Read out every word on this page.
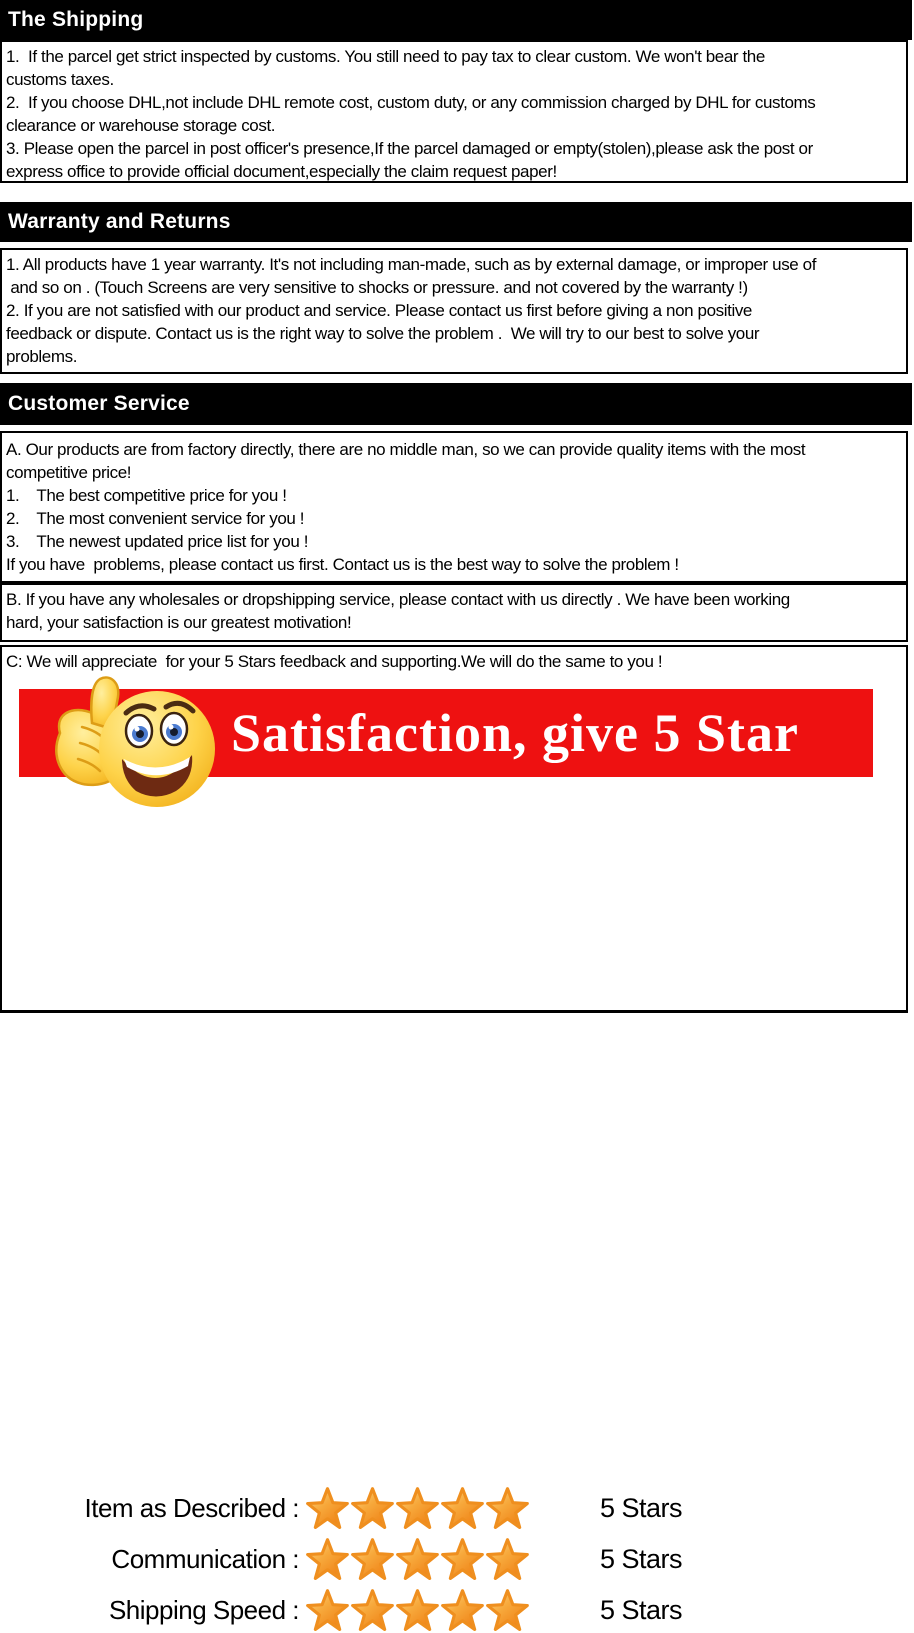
The Shipping
1.  If the parcel get strict inspected by customs. You still need to pay tax to clear custom. We won't bear the
customs taxes.
2.  If you choose DHL,not include DHL remote cost, custom duty, or any commission charged by DHL for customs
clearance or warehouse storage cost.
3. Please open the parcel in post officer's presence,If the parcel damaged or empty(stolen),please ask the post or
express office to provide official document,especially the claim request paper!
Warranty and Returns
1. All products have 1 year warranty. It's not including man-made, such as by external damage, or improper use of
and so on . (Touch Screens are very sensitive to shocks or pressure. and not covered by the warranty !)
2. If you are not satisfied with our product and service. Please contact us first before giving a non positive
feedback or dispute. Contact us is the right way to solve the problem .  We will try to our best to solve your
problems.
Customer Service
A. Our products are from factory directly, there are no middle man, so we can provide quality items with the most
competitive price!
1.    The best competitive price for you !
2.    The most convenient service for you !
3.    The newest updated price list for you !
If you have  problems, please contact us first. Contact us is the best way to solve the problem !
B. If you have any wholesales or dropshipping service, please contact with us directly . We have been working
hard, your satisfaction is our greatest motivation!
C: We will appreciate  for your 5 Stars feedback and supporting.We will do the same to you !
Satisfaction, give 5 Star
Item as Described :	5 Stars
Communication :	5 Stars
Shipping Speed :	5 Stars
